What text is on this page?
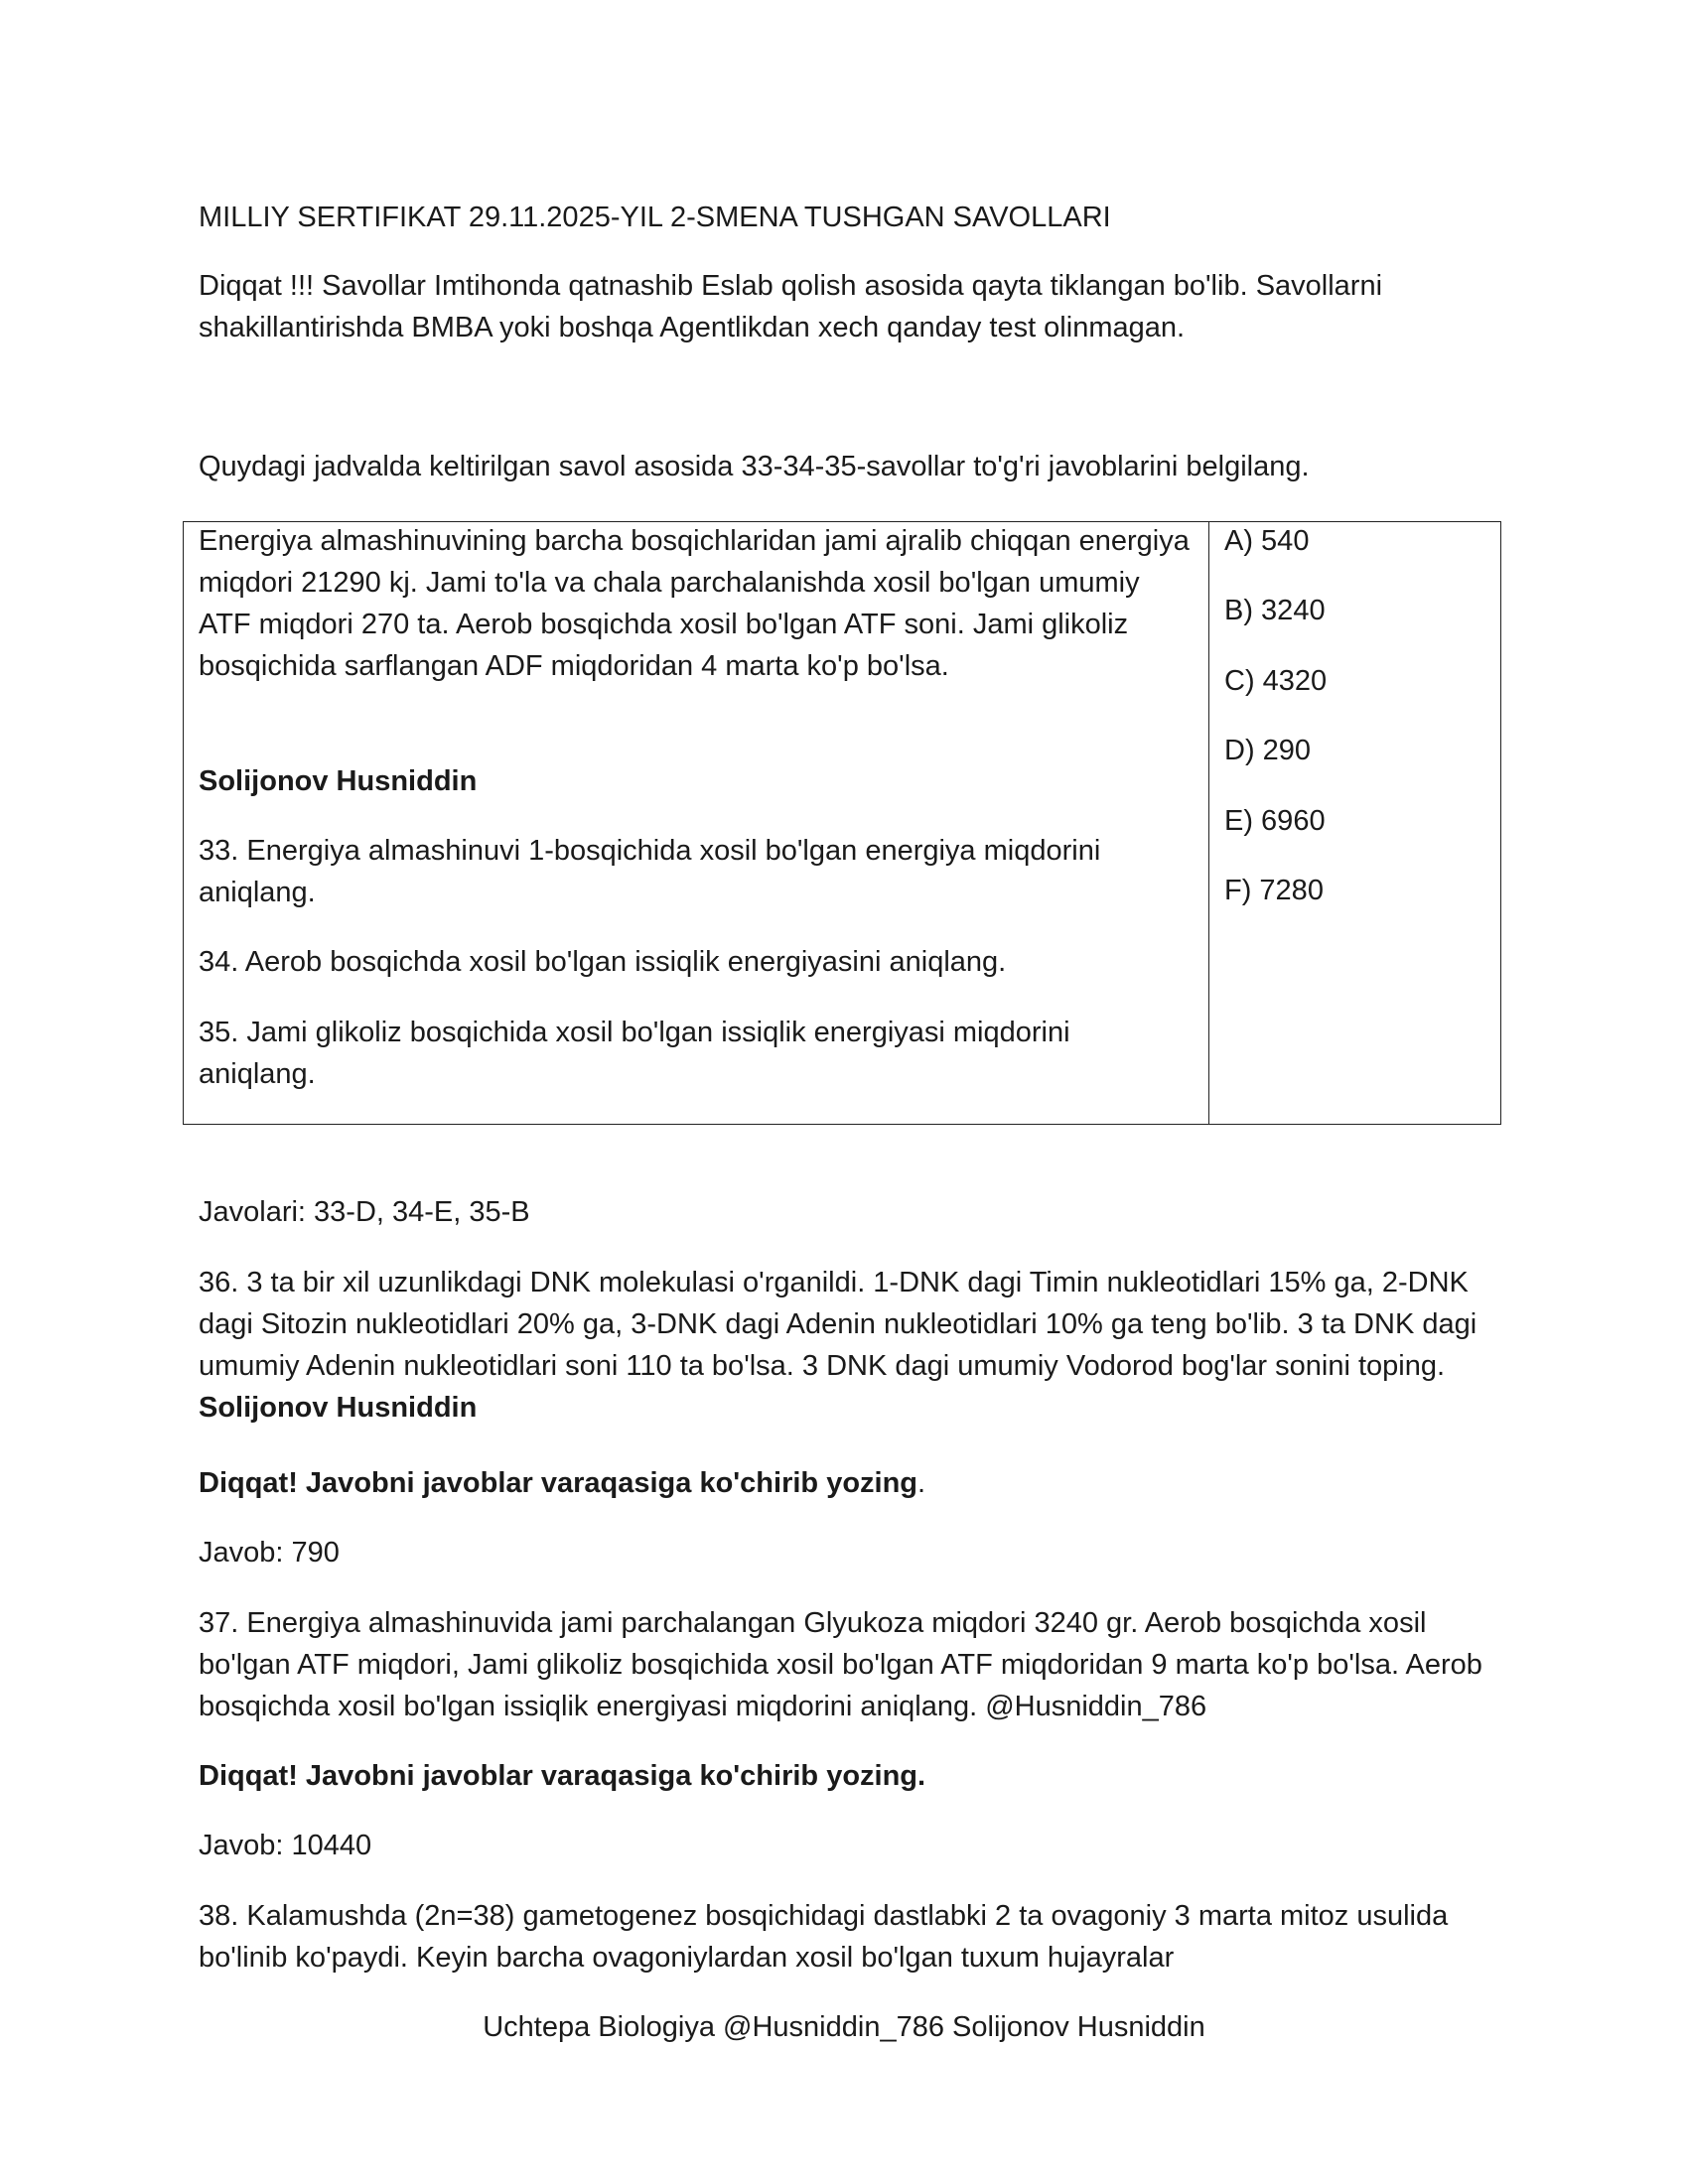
MILLIY SERTIFIKAT 29.11.2025-YIL 2-SMENA TUSHGAN SAVOLLARI

Diqqat !!! Savollar Imtihonda qatnashib Eslab qolish asosida qayta tiklangan bo'lib. Savollarni shakillantirishda BMBA yoki boshqa Agentlikdan xech qanday test olinmagan.

Quydagi jadvalda keltirilgan savol asosida 33-34-35-savollar to'g'ri javoblarini belgilang.

Energiya almashinuvining barcha bosqichlaridan jami ajralib chiqqan energiya miqdori 21290 kj. Jami to'la va chala parchalanishda xosil bo'lgan umumiy ATF miqdori 270 ta. Aerob bosqichda xosil bo'lgan ATF soni. Jami glikoliz bosqichida sarflangan ADF miqdoridan 4 marta ko'p bo'lsa.

Solijonov Husniddin

33. Energiya almashinuvi 1-bosqichida xosil bo'lgan energiya miqdorini aniqlang.

34. Aerob bosqichda xosil bo'lgan issiqlik energiyasini aniqlang.

35. Jami glikoliz bosqichida xosil bo'lgan issiqlik energiyasi miqdorini aniqlang.

A) 540

B) 3240

C) 4320

D) 290

E) 6960

F) 7280

Javolari: 33-D, 34-E, 35-B

36. 3 ta bir xil uzunlikdagi DNK molekulasi o'rganildi. 1-DNK dagi Timin nukleotidlari 15% ga, 2-DNK dagi Sitozin nukleotidlari 20% ga, 3-DNK dagi Adenin nukleotidlari 10% ga teng bo'lib. 3 ta DNK dagi umumiy Adenin nukleotidlari soni 110 ta bo'lsa. 3 DNK dagi umumiy Vodorod bog'lar sonini toping. Solijonov Husniddin

Diqqat! Javobni javoblar varaqasiga ko'chirib yozing.

Javob: 790

37. Energiya almashinuvida jami parchalangan Glyukoza miqdori 3240 gr. Aerob bosqichda xosil bo'lgan ATF miqdori, Jami glikoliz bosqichida xosil bo'lgan ATF miqdoridan 9 marta ko'p bo'lsa. Aerob bosqichda xosil bo'lgan issiqlik energiyasi miqdorini aniqlang. @Husniddin_786

Diqqat! Javobni javoblar varaqasiga ko'chirib yozing.

Javob: 10440

38. Kalamushda (2n=38) gametogenez bosqichidagi dastlabki 2 ta ovagoniy 3 marta mitoz usulida bo'linib ko'paydi. Keyin barcha ovagoniylardan xosil bo'lgan tuxum hujayralar

Uchtepa Biologiya @Husniddin_786 Solijonov Husniddin
